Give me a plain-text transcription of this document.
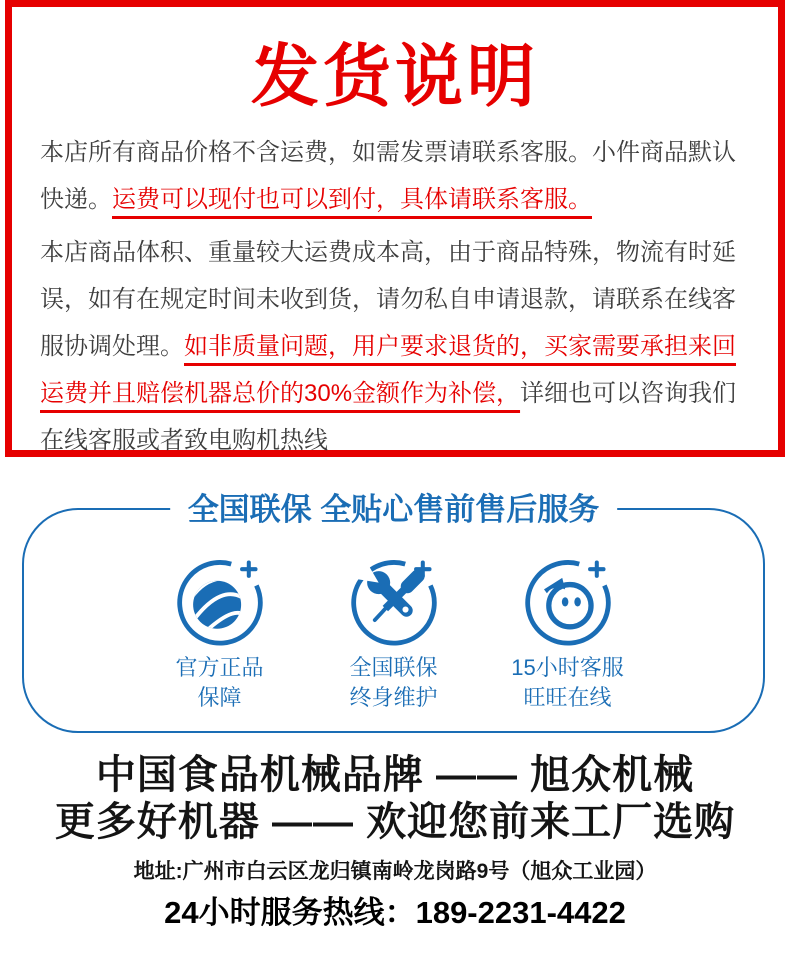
发货说明

本店所有商品价格不含运费，如需发票请联系客服。小件商品默认快递。运费可以现付也可以到付，具体请联系客服。

本店商品体积、重量较大运费成本高，由于商品特殊，物流有时延误，如有在规定时间未收到货，请勿私自申请退款，请联系在线客服协调处理。如非质量问题，用户要求退货的，买家需要承担来回运费并且赔偿机器总价的30%金额作为补偿，详细也可以咨询我们在线客服或者致电购机热线

全国联保 全贴心售前售后服务
官方正品
保障
全国联保
终身维护
15小时客服
旺旺在线
中国食品机械品牌 —— 旭众机械
更多好机器 —— 欢迎您前来工厂选购
地址:广州市白云区龙归镇南岭龙岗路9号（旭众工业园）
24小时服务热线：189-2231-4422
